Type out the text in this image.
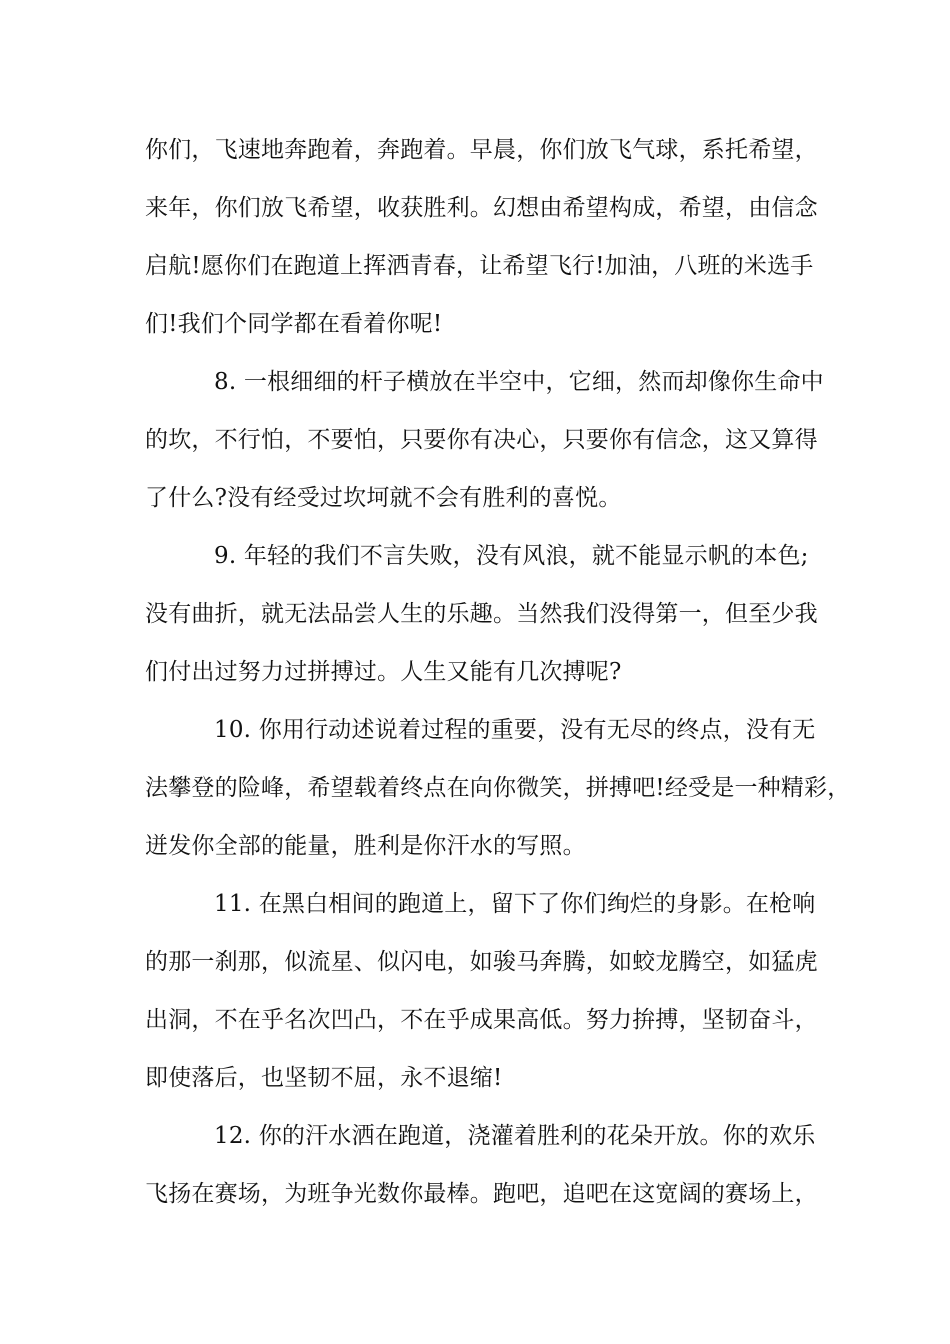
你们，飞速地奔跑着，奔跑着。早晨，你们放飞气球，系托希望，
来年，你们放飞希望，收获胜利。幻想由希望构成，希望，由信念
启航!愿你们在跑道上挥洒青春，让希望飞行!加油，八班的米选手
们!我们个同学都在看着你呢!
8. 一根细细的杆子横放在半空中，它细，然而却像你生命中
的坎，不行怕，不要怕，只要你有决心，只要你有信念，这又算得
了什么?没有经受过坎坷就不会有胜利的喜悦。
9. 年轻的我们不言失败，没有风浪，就不能显示帆的本色;
没有曲折，就无法品尝人生的乐趣。当然我们没得第一，但至少我
们付出过努力过拼搏过。人生又能有几次搏呢?
10. 你用行动述说着过程的重要，没有无尽的终点，没有无
法攀登的险峰，希望载着终点在向你微笑，拼搏吧!经受是一种精彩，
迸发你全部的能量，胜利是你汗水的写照。
11. 在黑白相间的跑道上，留下了你们绚烂的身影。在枪响
的那一刹那，似流星、似闪电，如骏马奔腾，如蛟龙腾空，如猛虎
出洞，不在乎名次凹凸，不在乎成果高低。努力拚搏，坚韧奋斗，
即使落后，也坚韧不屈，永不退缩!
12. 你的汗水洒在跑道，浇灌着胜利的花朵开放。你的欢乐
飞扬在赛场，为班争光数你最棒。跑吧，追吧在这宽阔的赛场上，
